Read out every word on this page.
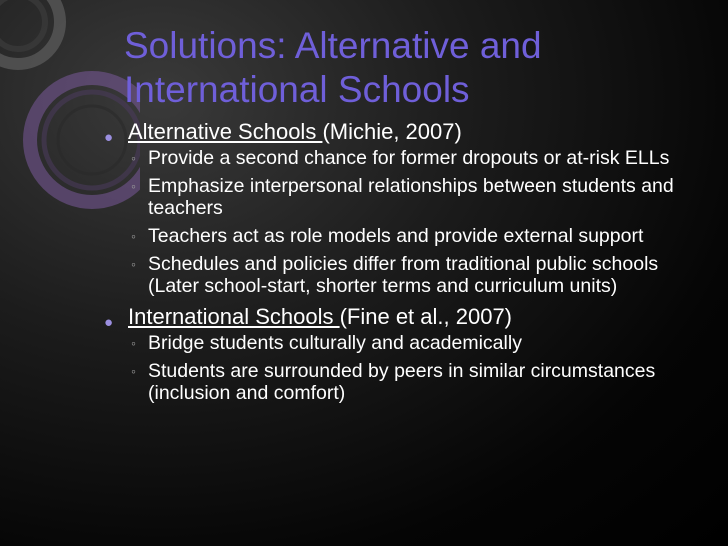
Solutions: Alternative and
International Schools

● Alternative Schools (Michie, 2007)

◦ Provide a second chance for former dropouts or at-risk ELLs
◦ Emphasize interpersonal relationships between students and teachers
◦ Teachers act as role models and provide external support
◦ Schedules and policies differ from traditional public schools (Later school-start, shorter terms and curriculum units)

● International Schools (Fine et al., 2007)

◦ Bridge students culturally and academically
◦ Students are surrounded by peers in similar circumstances (inclusion and comfort)
